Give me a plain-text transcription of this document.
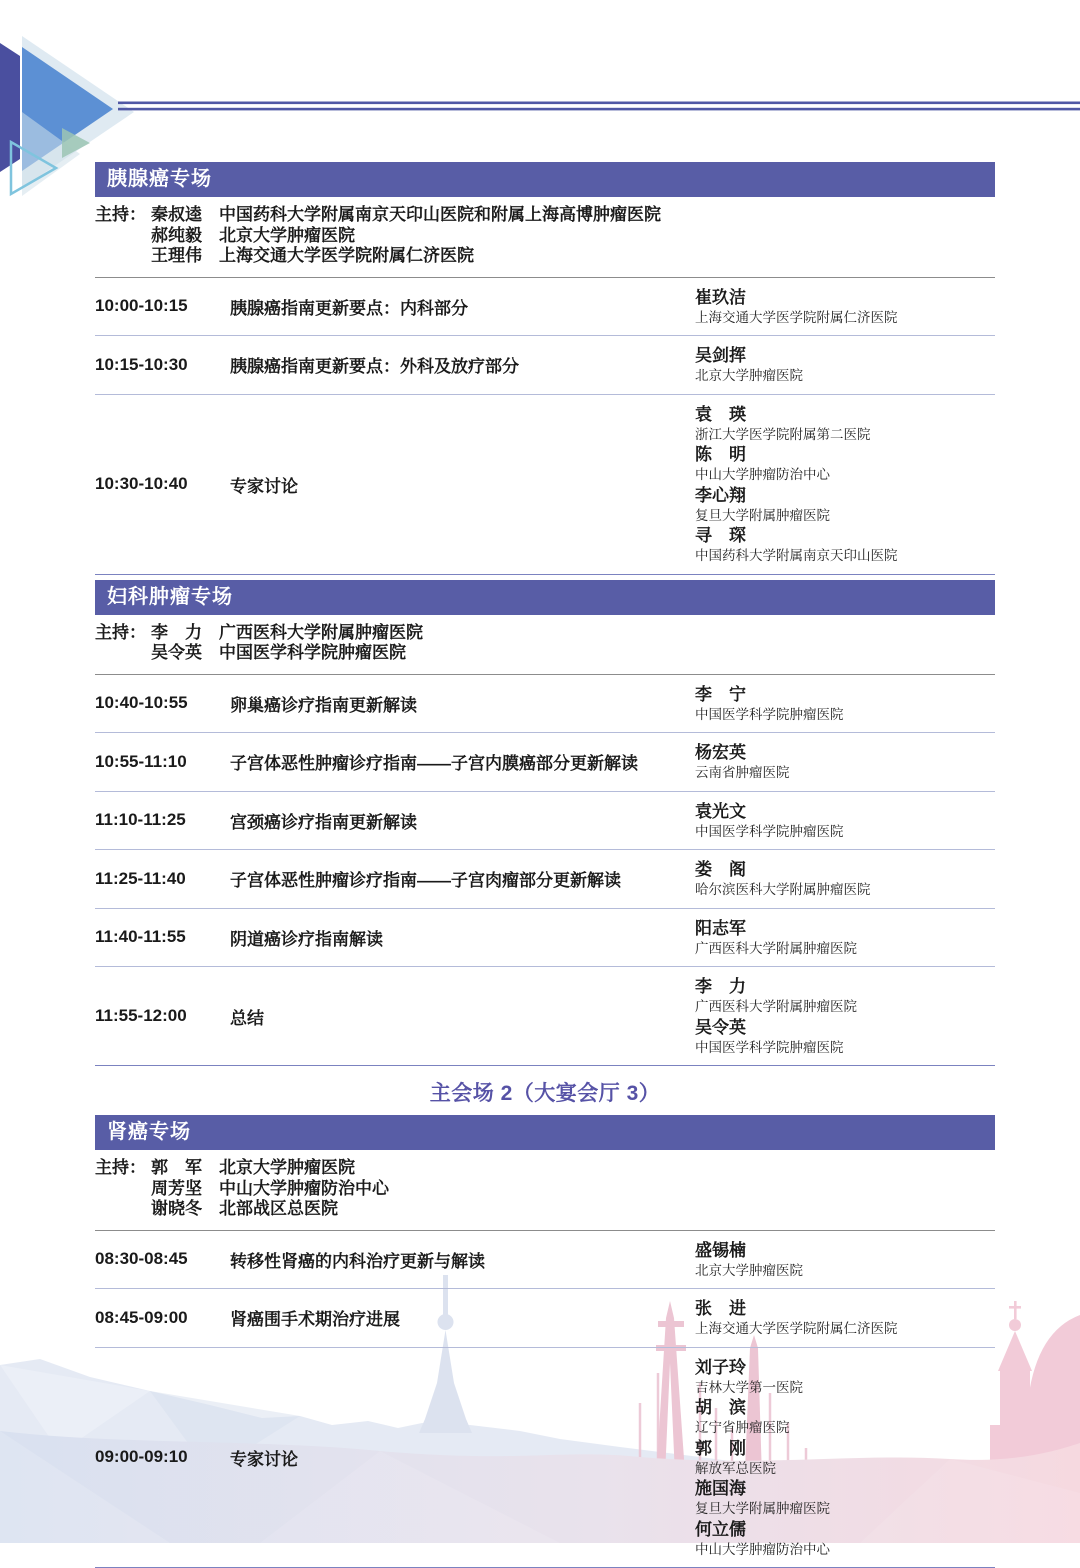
胰腺癌专场
主持： 秦叔逵	中国药科大学附属南京天印山医院和附属上海高博肿瘤医院
郝纯毅	北京大学肿瘤医院
王理伟	上海交通大学医学院附属仁济医院
10:00-10:15	胰腺癌指南更新要点：内科部分
崔玖洁
上海交通大学医学院附属仁济医院
10:15-10:30	胰腺癌指南更新要点：外科及放疗部分
吴剑挥
北京大学肿瘤医院
10:30-10:40	专家讨论
袁　瑛
浙江大学医学院附属第二医院
陈　明
中山大学肿瘤防治中心
李心翔
复旦大学附属肿瘤医院
寻　琛
中国药科大学附属南京天印山医院
妇科肿瘤专场
主持： 李　力	广西医科大学附属肿瘤医院
吴令英	中国医学科学院肿瘤医院
10:40-10:55	卵巢癌诊疗指南更新解读
李　宁
中国医学科学院肿瘤医院
10:55-11:10	子宫体恶性肿瘤诊疗指南——子宫内膜癌部分更新解读
杨宏英
云南省肿瘤医院
11:10-11:25	宫颈癌诊疗指南更新解读
袁光文
中国医学科学院肿瘤医院
11:25-11:40	子宫体恶性肿瘤诊疗指南——子宫肉瘤部分更新解读
娄　阁
哈尔滨医科大学附属肿瘤医院
11:40-11:55	阴道癌诊疗指南解读
阳志军
广西医科大学附属肿瘤医院
11:55-12:00	总结
李　力
广西医科大学附属肿瘤医院
吴令英
中国医学科学院肿瘤医院
主会场 2（大宴会厅 3）
肾癌专场
主持： 郭　军	北京大学肿瘤医院
周芳坚	中山大学肿瘤防治中心
谢晓冬	北部战区总医院
08:30-08:45	转移性肾癌的内科治疗更新与解读
盛锡楠
北京大学肿瘤医院
08:45-09:00	肾癌围手术期治疗进展
张　进
上海交通大学医学院附属仁济医院
09:00-09:10	专家讨论
刘子玲
吉林大学第一医院
胡　滨
辽宁省肿瘤医院
郭　刚
解放军总医院
施国海
复旦大学附属肿瘤医院
何立儒
中山大学肿瘤防治中心
